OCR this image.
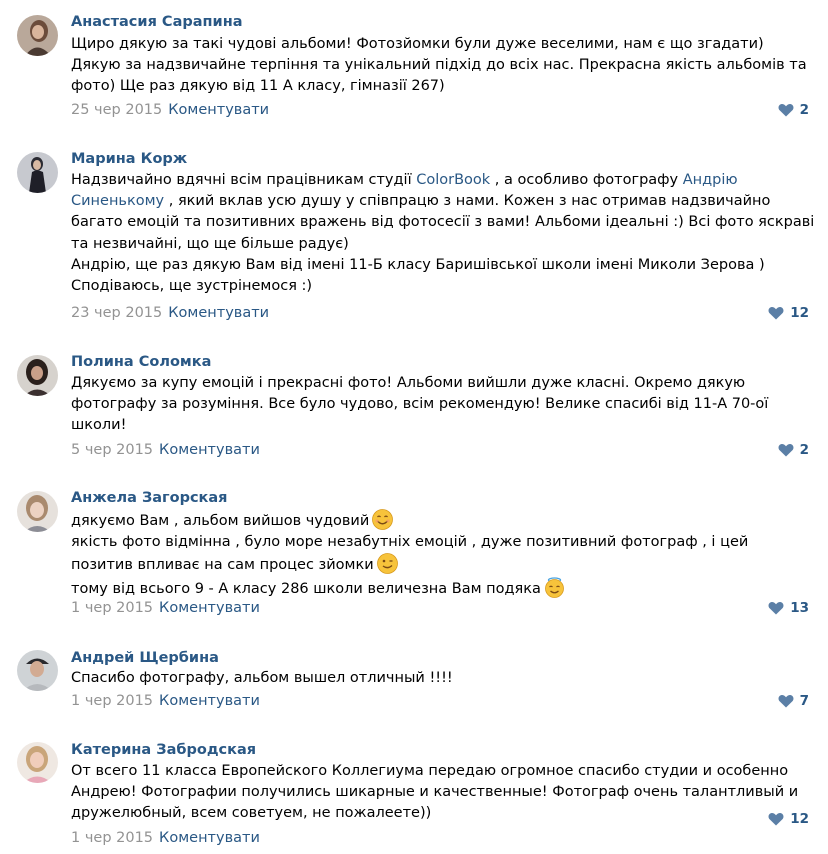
Анастасия Сарапина
Щиро дякую за такі чудові альбоми! Фотозйомки були дуже веселими, нам є що згадати)
Дякую за надзвичайне терпіння та унікальний підхід до всіх нас. Прекрасна якість альбомів та
фото) Ще раз дякую від 11 А класу, гімназії 267)
25 чер 2015 Коментувати	2
Марина Корж
Надзвичайно вдячні всім працівникам студії ColorBook , а особливо фотографу Андрію
Синенькому , який вклав усю душу у співпрацю з нами. Кожен з нас отримав надзвичайно
багато емоцій та позитивних вражень від фотосесії з вами! Альбоми ідеальні :) Всі фото яскраві
та незвичайні, що ще більше радує)
Андрію, ще раз дякую Вам від імені 11-Б класу Баришівської школи імені Миколи Зерова )
Сподіваюсь, ще зустрінемося :)
23 чер 2015 Коментувати	12
Полина Соломка
Дякуємо за купу емоцій і прекрасні фото! Альбоми вийшли дуже класні. Окремо дякую
фотографу за розуміння. Все було чудово, всім рекомендую! Велике спасибі від 11-А 70-ої
школи!
5 чер 2015 Коментувати	2
Анжела Загорская
дякуємо Вам , альбом вийшов чудовий
якість фото відмінна , було море незабутніх емоцій , дуже позитивний фотограф , і цей
позитив впливає на сам процес зйомки
тому від всього 9 - А класу 286 школи величезна Вам подяка
1 чер 2015 Коментувати	13
Андрей Щербина
Спасибо фотографу, альбом вышел отличный !!!!
1 чер 2015 Коментувати	7
Катерина Забродская
От всего 11 класса Европейского Коллегиума передаю огромное спасибо студии и особенно
Андрею! Фотографии получились шикарные и качественные! Фотограф очень талантливый и
дружелюбный, всем советуем, не пожалеете))
1 чер 2015 Коментувати
12
